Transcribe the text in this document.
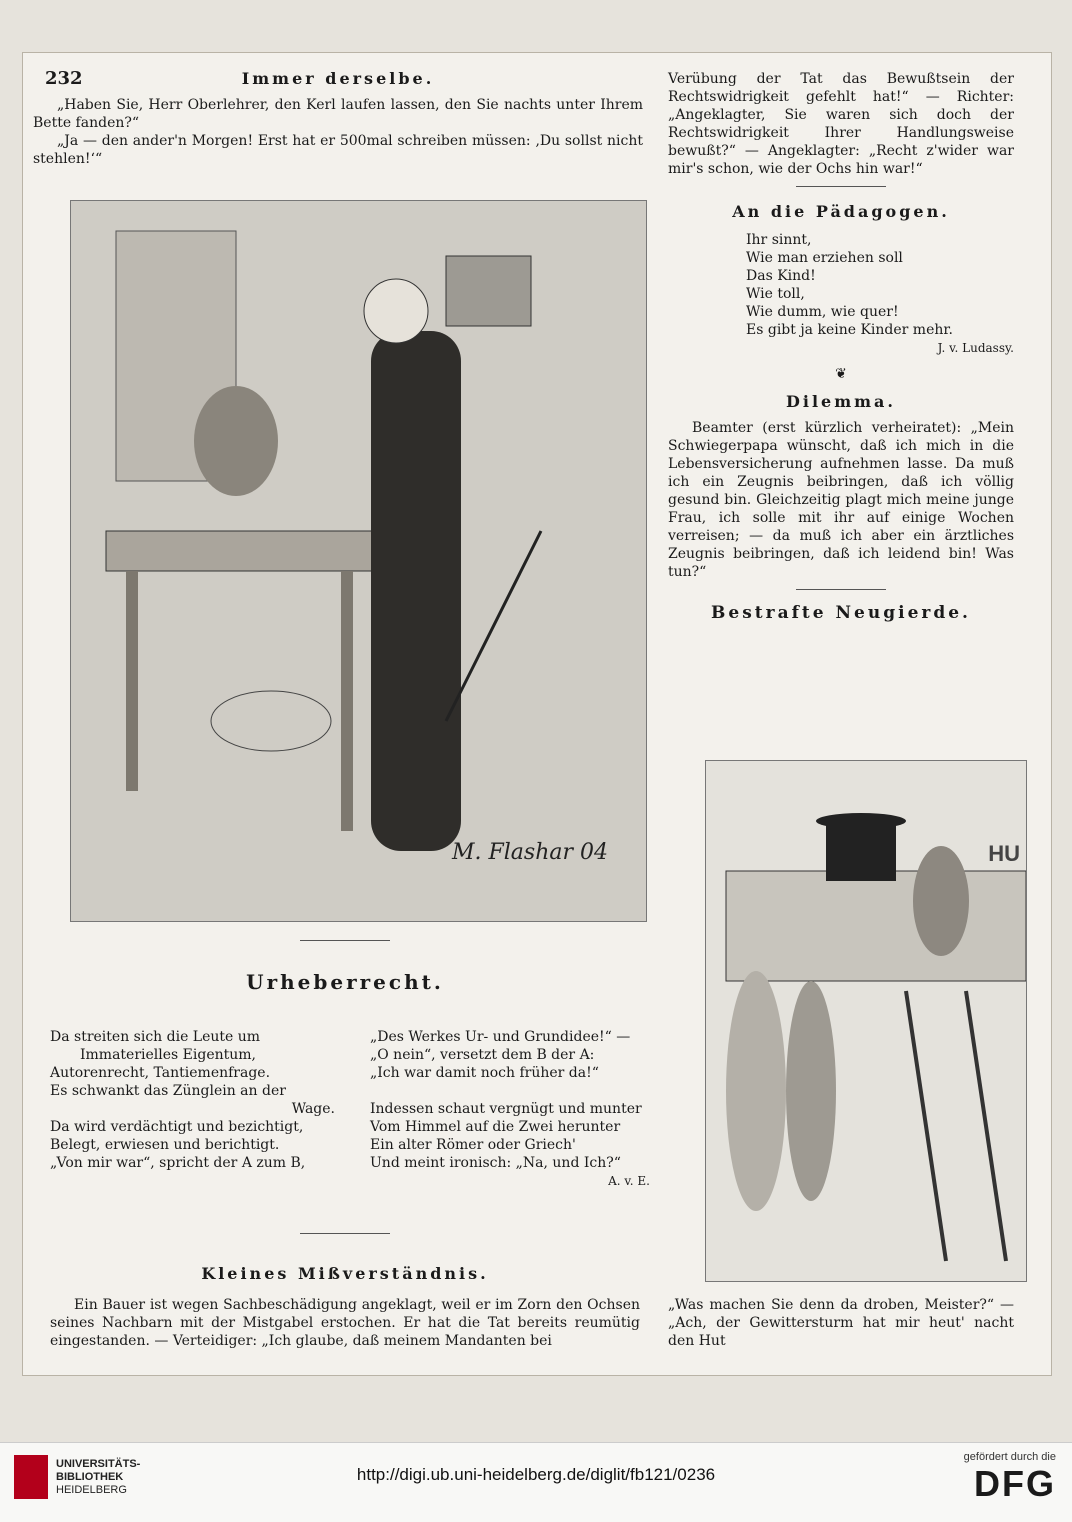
232	Immer derselbe.

„Haben Sie, Herr Oberlehrer, den Kerl laufen lassen, den Sie nachts unter Ihrem Bette fanden?“

„Ja — den ander'n Morgen! Erst hat er 500mal schreiben müssen: ‚Du sollst nicht stehlen!‘“

M. Flashar 04
Urheberrecht.
Da streiten sich die Leute um
Immaterielles Eigentum,
Autorenrecht, Tantiemenfrage.
Es schwankt das Zünglein an der
Wage.
Da wird verdächtigt und bezichtigt,
Belegt, erwiesen und berichtigt.
„Von mir war“, spricht der A zum B,
„Des Werkes Ur- und Grundidee!“ —
„O nein“, versetzt dem B der A:
„Ich war damit noch früher da!“
Indessen schaut vergnügt und munter
Vom Himmel auf die Zwei herunter
Ein alter Römer oder Griech'
Und meint ironisch: „Na, und Ich?“
A. v. E.
Kleines Mißverständnis.

Ein Bauer ist wegen Sachbeschädigung angeklagt, weil er im Zorn den Ochsen seines Nachbarn mit der Mistgabel erstochen. Er hat die Tat bereits reumütig eingestanden. — Verteidiger: „Ich glaube, daß meinem Mandanten bei

Verübung der Tat das Bewußtsein der Rechtswidrigkeit gefehlt hat!“ — Richter: „Angeklagter, Sie waren sich doch der Rechtswidrigkeit Ihrer Handlungsweise bewußt?“ — Angeklagter: „Recht z'wider war mir's schon, wie der Ochs hin war!“

An die Pädagogen.
Ihr sinnt,
Wie man erziehen soll
Das Kind!
Wie toll,
Wie dumm, wie quer!
Es gibt ja keine Kinder mehr.
J. v. Ludassy.
❦
Dilemma.

Beamter (erst kürzlich verheiratet): „Mein Schwiegerpapa wünscht, daß ich mich in die Lebensversicherung aufnehmen lasse. Da muß ich ein Zeugnis beibringen, daß ich völlig gesund bin. Gleichzeitig plagt mich meine junge Frau, ich solle mit ihr auf einige Wochen verreisen; — da muß ich aber ein ärztliches Zeugnis beibringen, daß ich leidend bin! Was tun?“

Bestrafte Neugierde.
HU

„Was machen Sie denn da droben, Meister?“ — „Ach, der Gewittersturm hat mir heut' nacht den Hut

UNIVERSITÄTS-
BIBLIOTHEK
HEIDELBERG
http://digi.ub.uni-heidelberg.de/diglit/fb121/0236
gefördert durch die
DFG
